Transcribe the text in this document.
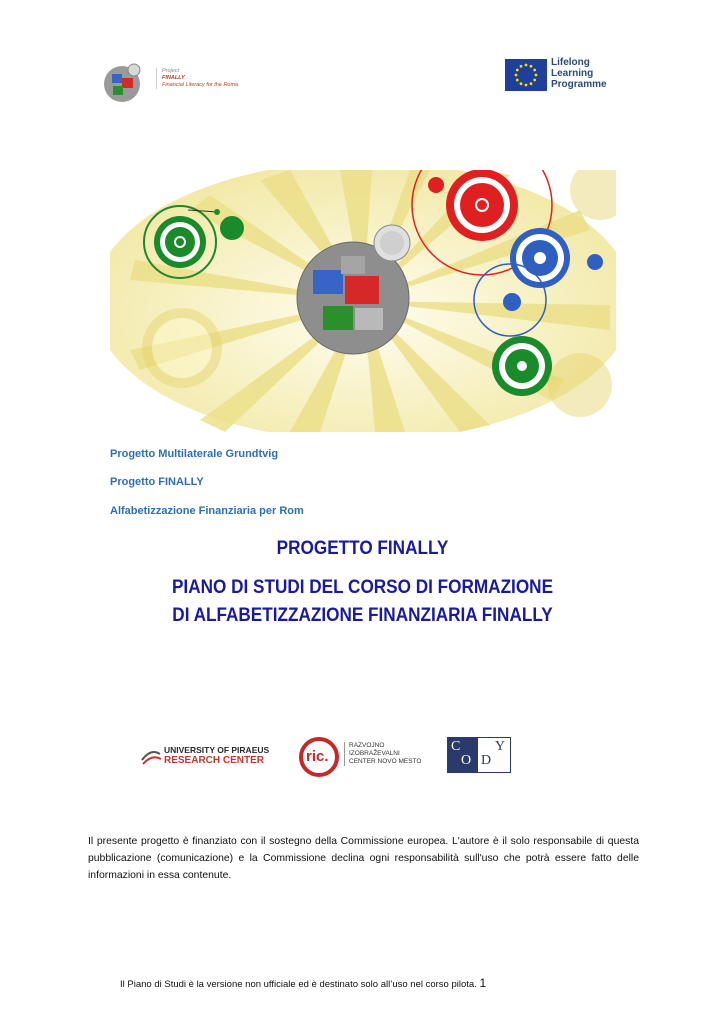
Project
FINALLY
Financial Literacy for the Roma
Lifelong
Learning
Programme
Progetto Multilaterale Grundtvig
Progetto FINALLY
Alfabetizzazione Finanziaria per Rom
PROGETTO FINALLY
PIANO DI STUDI DEL CORSO DI FORMAZIONE
DI ALFABETIZZAZIONE FINANZIARIA FINALLY
UNIVERSITY OF PIRAEUS
RESEARCH CENTER	ric.
RAZVOJNO
IZOBRAŽEVALNI
CENTER NOVO MESTO
C
O D
Y
Il presente progetto è finanziato con il sostegno della Commissione europea. L'autore è il solo responsabile di questa pubblicazione (comunicazione) e la Commissione declina ogni responsabilità sull'uso che potrà essere fatto delle informazioni in essa contenute.
Il Piano di Studi è la versione non ufficiale ed è destinato solo all’uso nel corso pilota. 1
